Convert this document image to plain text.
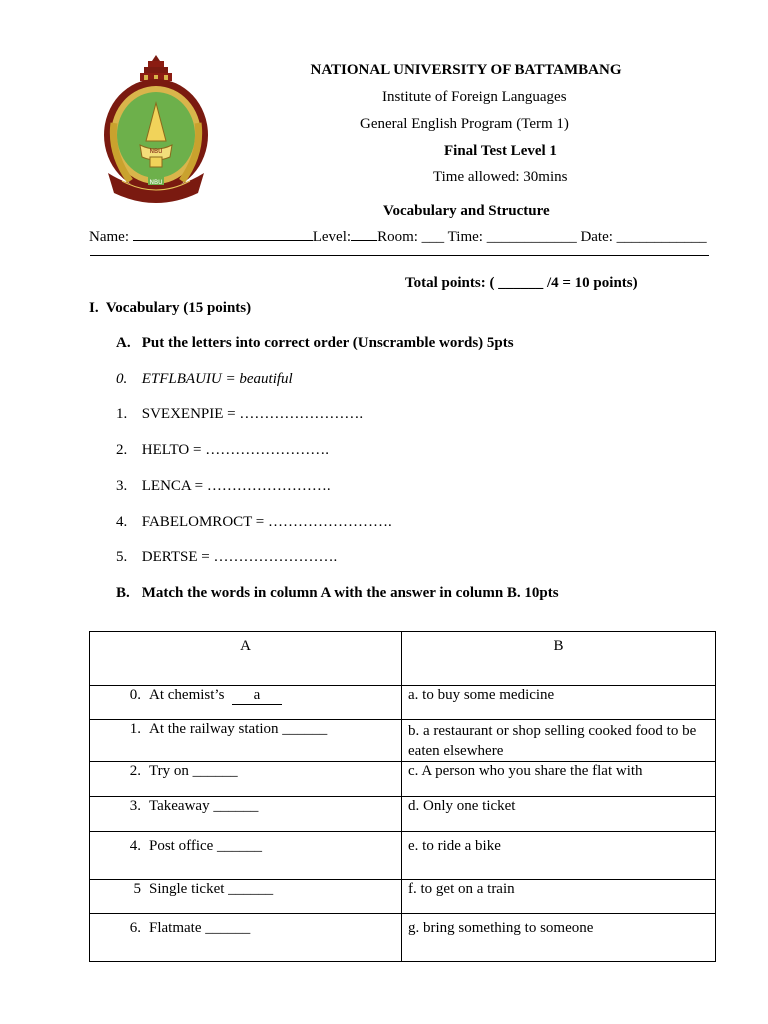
NBU
NBU
NATIONAL UNIVERSITY OF BATTAMBANG
Institute of Foreign Languages
General English Program (Term 1)
Final Test Level 1
Time allowed: 30mins
Vocabulary and Structure
Name:	Level: Room: ___ Time: ____________ Date: ____________
Total points: ( ______ /4 = 10 points)
I. Vocabulary (15 points)
A. Put the letters into correct order (Unscramble words) 5pts
0. ETFLBAUIU = beautiful
1. SVEXENPIE = …………………….
2. HELTO = …………………….
3. LENCA = …………………….
4. FABELOMROCT = …………………….
5. DERTSE = …………………….
B. Match the words in column A with the answer in column B. 10pts
A	B
0. At chemist’s a	a. to buy some medicine
1. At the railway station ______	b. a restaurant or shop selling cooked food to be eaten elsewhere
2. Try on ______	c. A person who you share the flat with
3. Takeaway ______	d. Only one ticket
4. Post office ______	e. to ride a bike
5 Single ticket ______	f. to get on a train
6. Flatmate ______	g. bring something to someone
